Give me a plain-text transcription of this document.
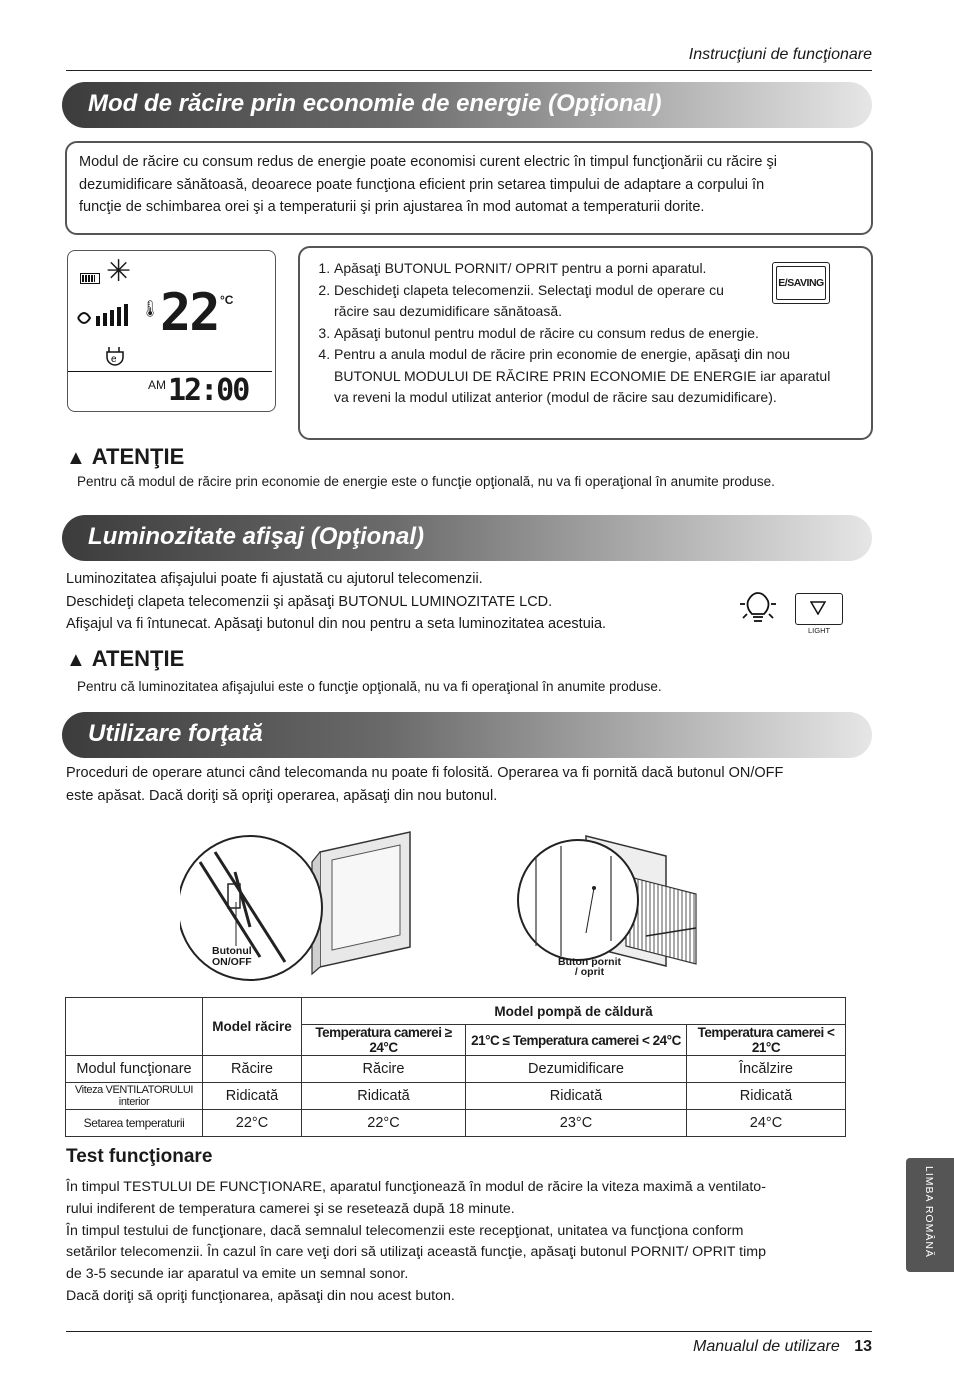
Instrucţiuni de funcţionare
Mod de răcire prin economie de energie (Opţional)
Modul de răcire cu consum redus de energie poate economisi curent electric în timpul funcţionării cu răcire şi
dezumidificare sănătoasă, deoarece poate funcţiona eficient prin setarea timpului de adaptare a corpului în
funcţie de schimbarea orei şi a temperaturii şi prin ajustarea în mod automat a temperaturii dorite.
✳
🌡 22 °C
e
AM 12:00
1. Apăsaţi BUTONUL PORNIT/ OPRIT pentru a porni aparatul.
2. Deschideţi clapeta telecomenzii. Selectaţi modul de operare cu răcire sau dezumidificare sănătoasă.
3. Apăsaţi butonul pentru modul de răcire cu consum redus de energie.
4. Pentru a anula modul de răcire prin economie de energie, apăsaţi din nou BUTONUL MODULUI DE RĂCIRE PRIN ECONOMIE DE ENERGIE iar aparatul va reveni la modul utilizat anterior (modul de răcire sau dezumidificare).
E/SAVING
▲ ATENŢIE
Pentru că modul de răcire prin economie de energie este o funcţie opţională, nu va fi operaţional în anumite produse.
Luminozitate afişaj (Opţional)
Luminozitatea afişajului poate fi ajustată cu ajutorul telecomenzii.
Deschideţi clapeta telecomenzii şi apăsaţi BUTONUL LUMINOZITATE LCD.
Afişajul va fi întunecat. Apăsaţi butonul din nou pentru a seta luminozitatea acestuia.	LIGHT
▲ ATENŢIE
Pentru că luminozitatea afişajului este o funcţie opţională, nu va fi operaţional în anumite produse.
Utilizare forţată
Proceduri de operare atunci când telecomanda nu poate fi folosită. Operarea va fi pornită dacă butonul ON/OFF
este apăsat. Dacă doriţi să opriţi operarea, apăsaţi din nou butonul.
Butonul
ON/OFF	Buton pornit
/ oprit
	Model răcire	Model pompă de căldură		
		Temperatura camerei ≥ 24°C	21°C ≤ Temperatura camerei < 24°C	Temperatura camerei < 21°C
Modul funcţionare	Răcire	Răcire	Dezumidificare	Încălzire
Viteza VENTILATORULUI interior	Ridicată	Ridicată	Ridicată	Ridicată
Setarea temperaturii	22°C	22°C	23°C	24°C
Test funcţionare
În timpul TESTULUI DE FUNCŢIONARE, aparatul funcţionează în modul de răcire la viteza maximă a ventilato-
rului indiferent de temperatura camerei şi se resetează după 18 minute.
În timpul testului de funcţionare, dacă semnalul telecomenzii este recepţionat, unitatea va funcţiona conform
setărilor telecomenzii. În cazul în care veţi dori să utilizaţi această funcţie, apăsaţi butonul PORNIT/ OPRIT timp
de 3-5 secunde iar aparatul va emite un semnal sonor.
Dacă doriţi să opriţi funcţionarea, apăsaţi din nou acest buton.
LIMBA ROMÂNĂ
Manualul de utilizare 13
